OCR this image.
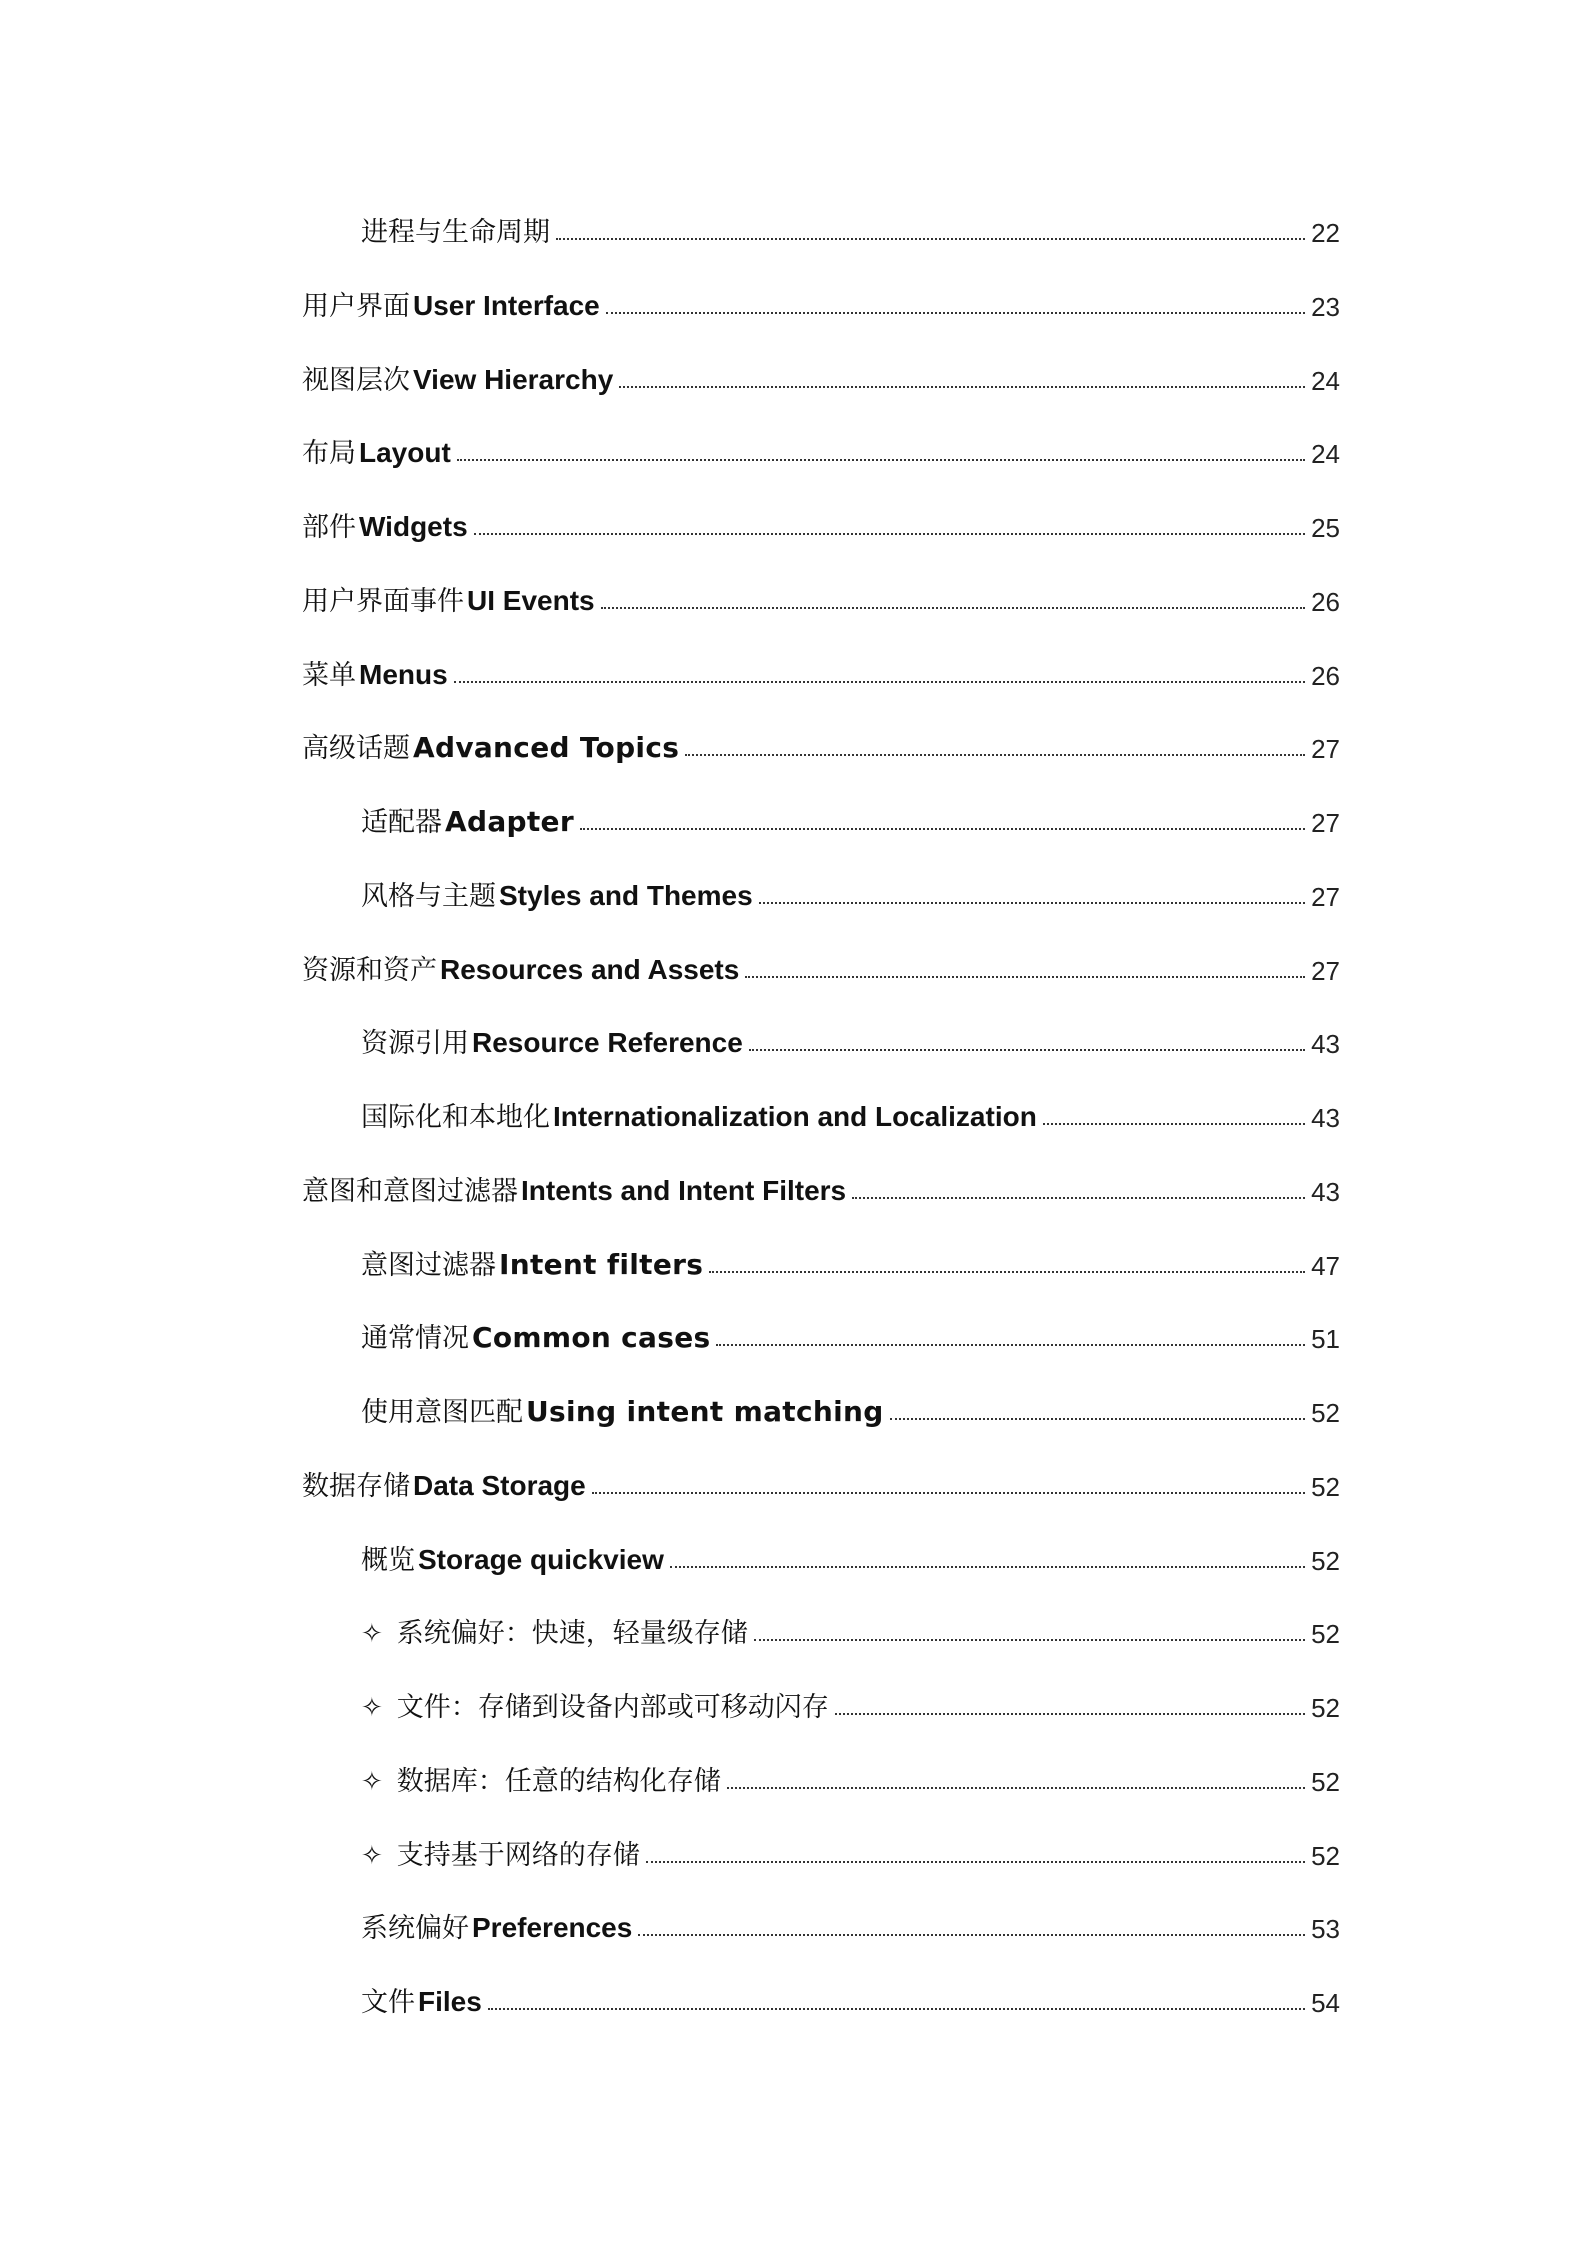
进程与生命周期	22
用户界面 User Interface	23
视图层次 View Hierarchy	24
布局 Layout	24
部件 Widgets	25
用户界面事件 UI Events	26
菜单 Menus	26
高级话题 Advanced Topics	27
适配器 Adapter	27
风格与主题 Styles and Themes	27
资源和资产 Resources and Assets	27
资源引用 Resource Reference	43
国际化和本地化 Internationalization and Localization	43
意图和意图过滤器 Intents and Intent Filters	43
意图过滤器 Intent filters	47
通常情况 Common cases	51
使用意图匹配 Using intent matching	52
数据存储 Data Storage	52
概览 Storage quickview	52
✧ 系统偏好：快速，轻量级存储	52
✧ 文件：存储到设备内部或可移动闪存	52
✧ 数据库：任意的结构化存储	52
✧ 支持基于网络的存储	52
系统偏好 Preferences	53
文件 Files	54
